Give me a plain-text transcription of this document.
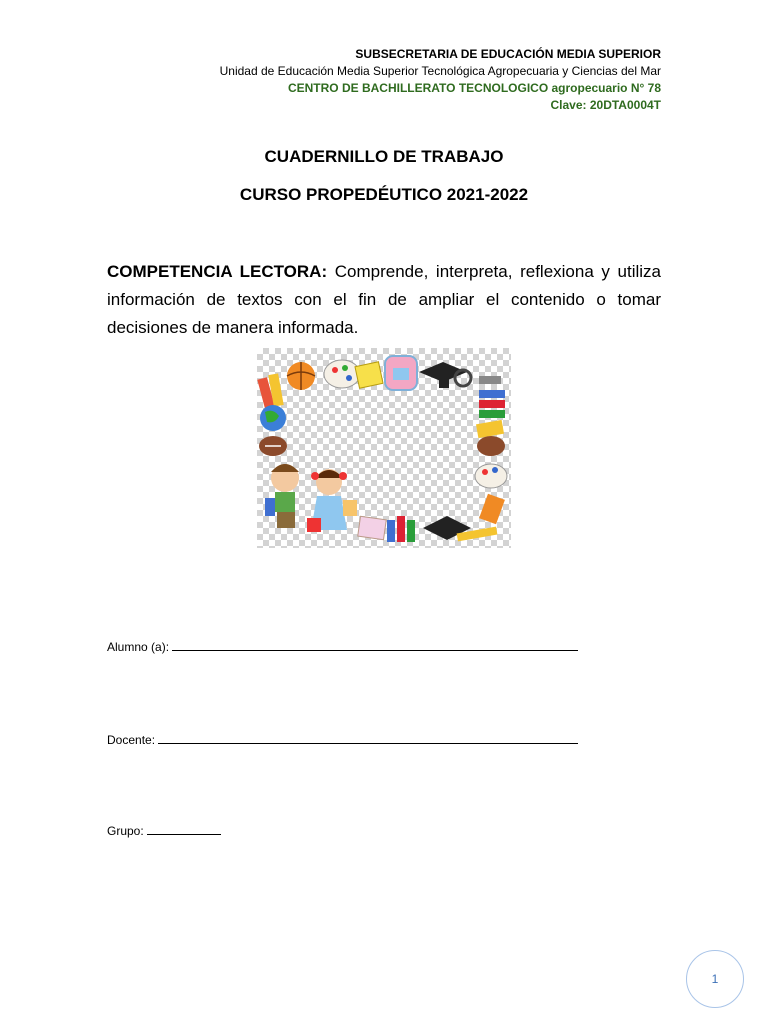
SUBSECRETARIA DE EDUCACIÓN MEDIA SUPERIOR
Unidad de Educación Media Superior Tecnológica Agropecuaria y Ciencias del Mar
CENTRO DE BACHILLERATO TECNOLOGICO agropecuario N° 78
Clave: 20DTA0004T
CUADERNILLO DE TRABAJO
CURSO PROPEDÉUTICO 2021-2022
COMPETENCIA LECTORA: Comprende, interpreta, reflexiona y utiliza información de textos con el fin de ampliar el contenido o tomar decisiones de manera informada.
Alumno (a):
Docente:
Grupo:
1
